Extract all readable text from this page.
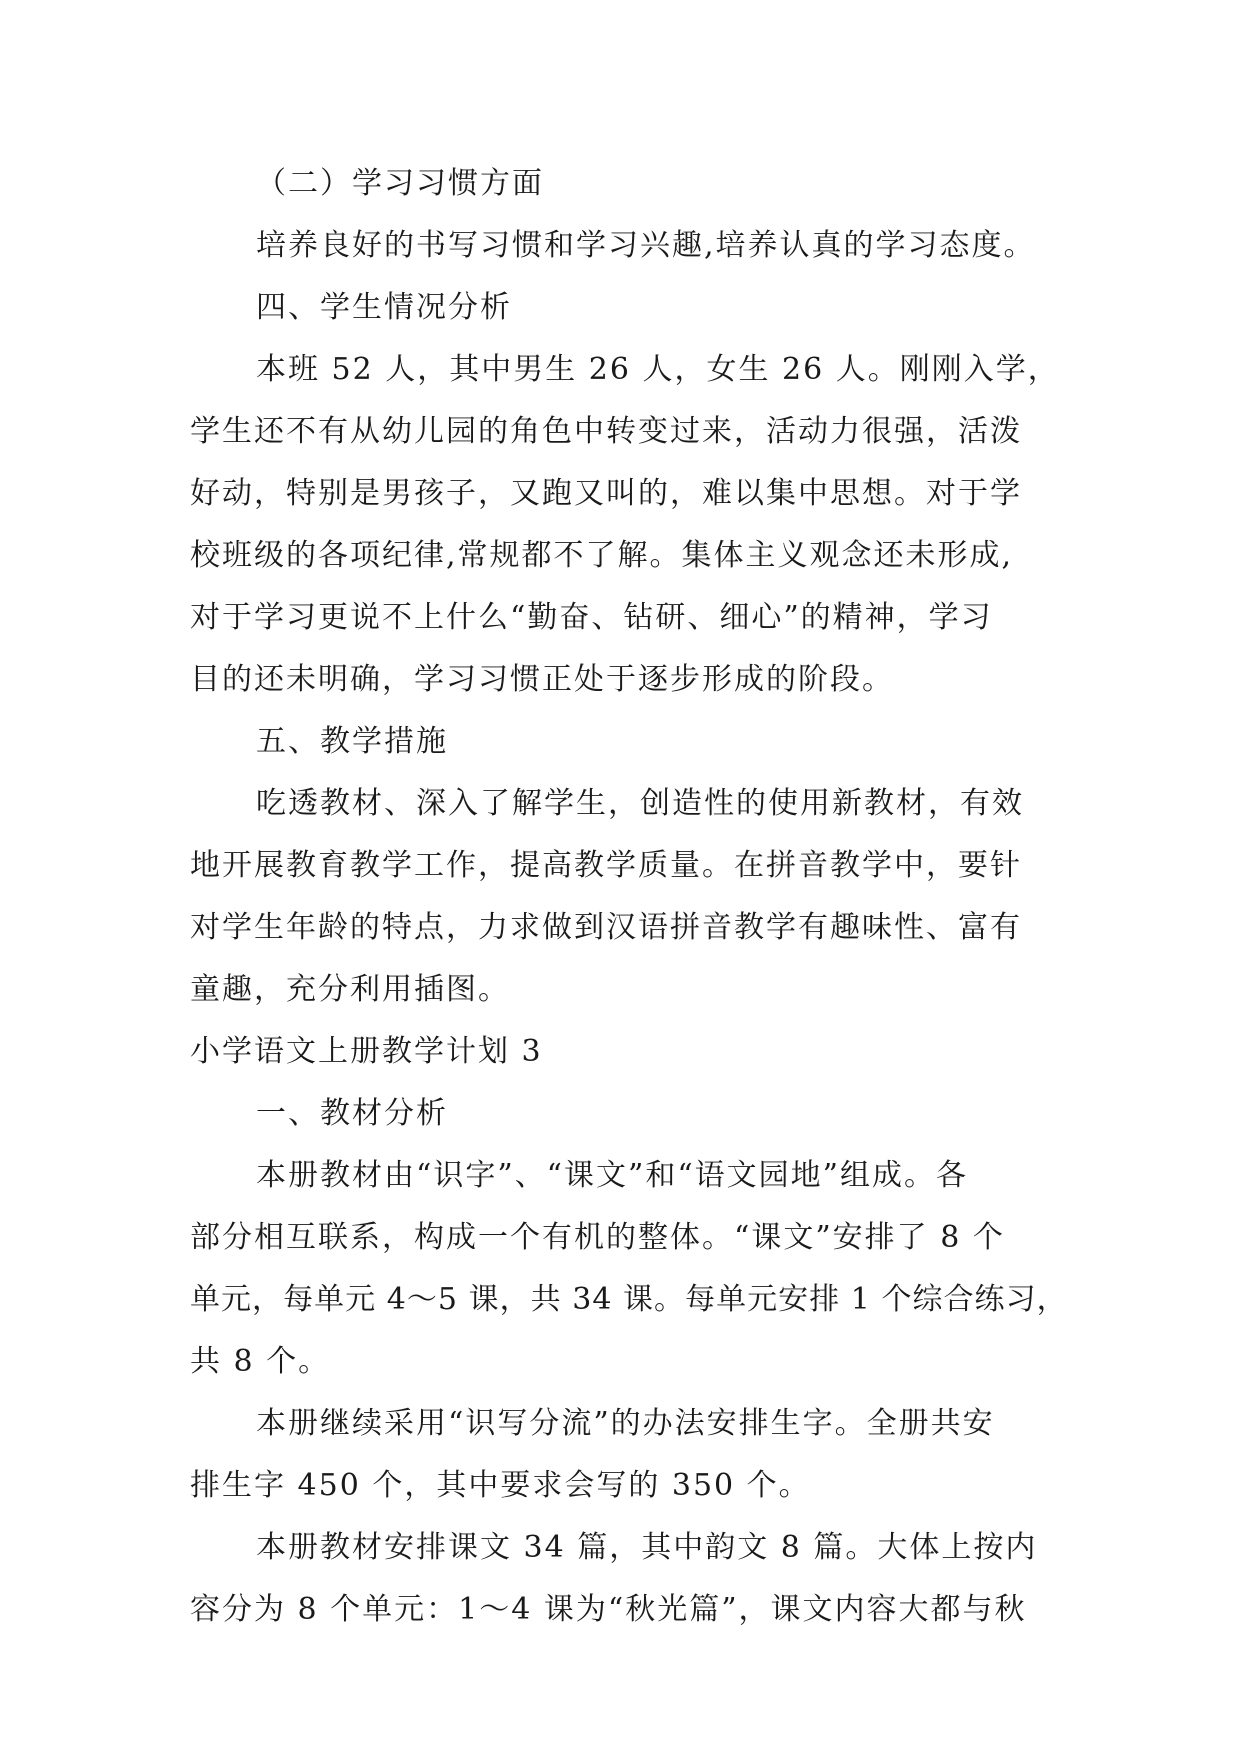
（二）学习习惯方面
培养良好的书写习惯和学习兴趣,培养认真的学习态度。
四、学生情况分析
本班 52 人，其中男生 26 人，女生 26 人。刚刚入学，
学生还不有从幼儿园的角色中转变过来，活动力很强，活泼
好动，特别是男孩子，又跑又叫的，难以集中思想。对于学
校班级的各项纪律,常规都不了解。集体主义观念还未形成,
对于学习更说不上什么“勤奋、钻研、细心”的精神，学习
目的还未明确，学习习惯正处于逐步形成的阶段。
五、教学措施
吃透教材、深入了解学生，创造性的使用新教材，有效
地开展教育教学工作，提高教学质量。在拼音教学中，要针
对学生年龄的特点，力求做到汉语拼音教学有趣味性、富有
童趣，充分利用插图。
小学语文上册教学计划 3
一、教材分析
本册教材由“识字”、“课文”和“语文园地”组成。各
部分相互联系，构成一个有机的整体。“课文”安排了 8 个
单元，每单元 4～5 课，共 34 课。每单元安排 1 个综合练习，
共 8 个。
本册继续采用“识写分流”的办法安排生字。全册共安
排生字 450 个，其中要求会写的 350 个。
本册教材安排课文 34 篇，其中韵文 8 篇。大体上按内
容分为 8 个单元：1～4 课为“秋光篇”，课文内容大都与秋
